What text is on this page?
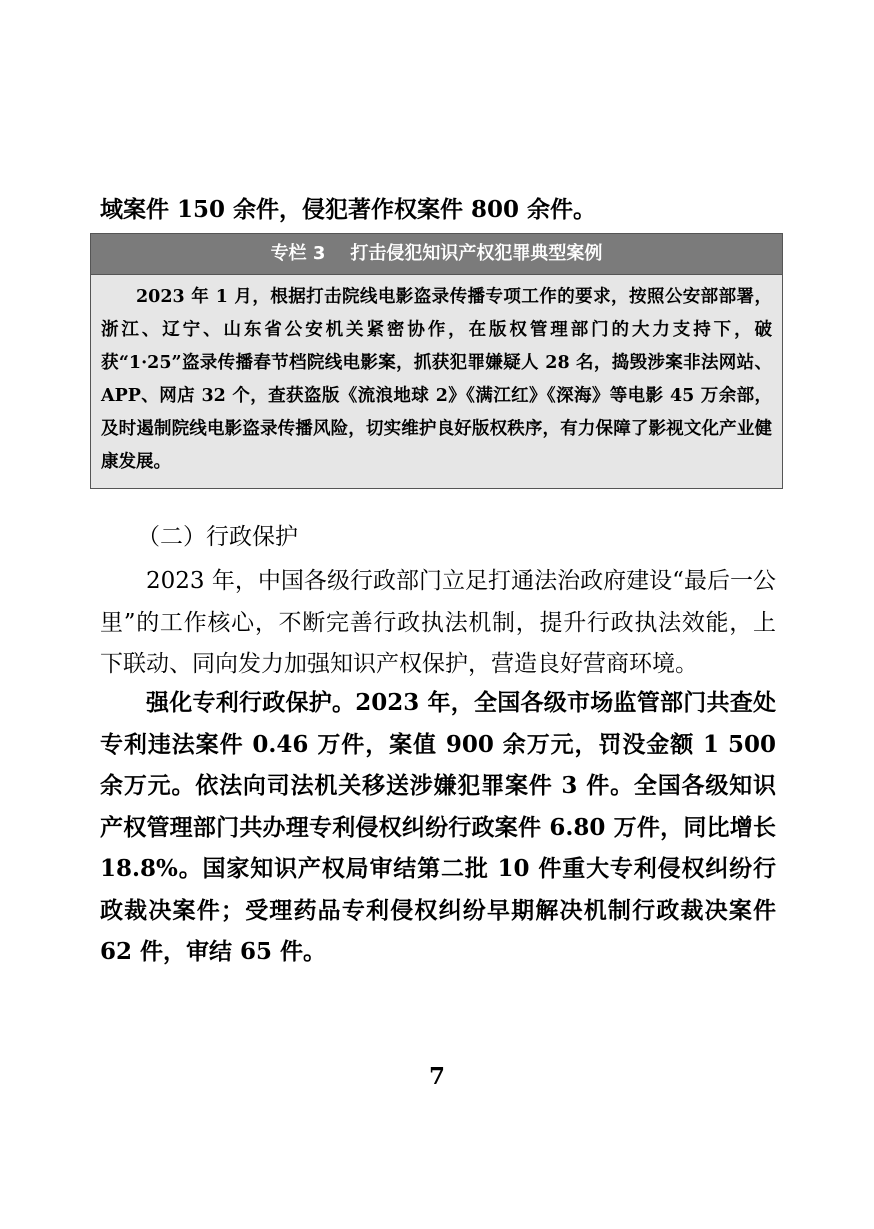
域案件 150 余件，侵犯著作权案件 800 余件。

专栏 3    打击侵犯知识产权犯罪典型案例
2023 年 1 月，根据打击院线电影盗录传播专项工作的要求，按照公安部部署，浙江、辽宁、山东省公安机关紧密协作，在版权管理部门的大力支持下，破获“1·25”盗录传播春节档院线电影案，抓获犯罪嫌疑人 28 名，捣毁涉案非法网站、APP、网店 32 个，查获盗版《流浪地球 2》《满江红》《深海》等电影 45 万余部，及时遏制院线电影盗录传播风险，切实维护良好版权秩序，有力保障了影视文化产业健康发展。

（二）行政保护

2023 年，中国各级行政部门立足打通法治政府建设“最后一公里”的工作核心，不断完善行政执法机制，提升行政执法效能，上下联动、同向发力加强知识产权保护，营造良好营商环境。

强化专利行政保护。2023 年，全国各级市场监管部门共查处专利违法案件 0.46 万件，案值 900 余万元，罚没金额 1 500 余万元。依法向司法机关移送涉嫌犯罪案件 3 件。全国各级知识产权管理部门共办理专利侵权纠纷行政案件 6.80 万件，同比增长 18.8%。国家知识产权局审结第二批 10 件重大专利侵权纠纷行政裁决案件；受理药品专利侵权纠纷早期解决机制行政裁决案件 62 件，审结 65 件。

7
